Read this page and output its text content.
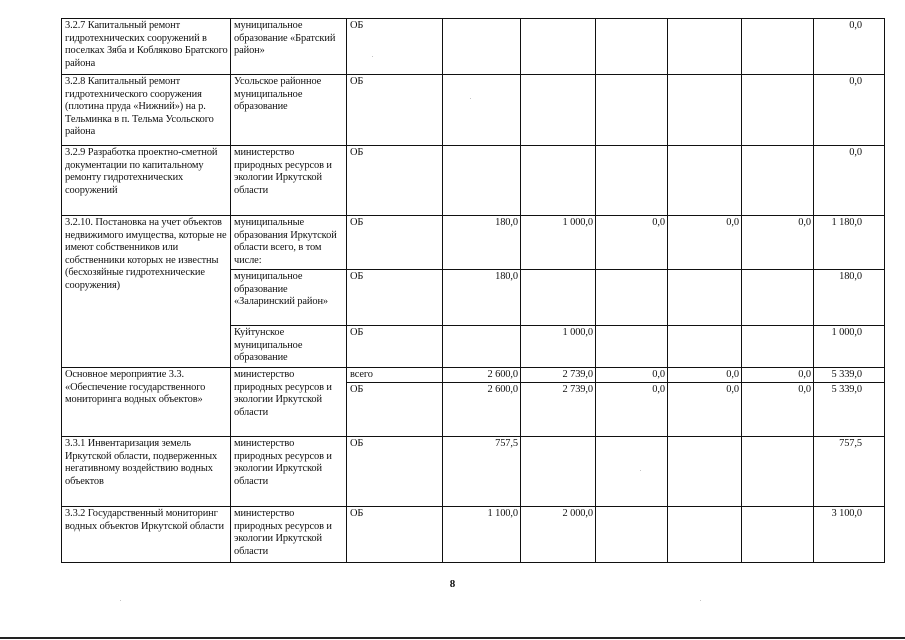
3.2.7 Капитальный ремонт гидротехнических сооружений в поселках Зяба и Кобляково Братского района	муниципальное образование «Братский район»	ОБ						0,0
3.2.8 Капитальный ремонт гидротехнического сооружения (плотина пруда «Нижний») на р. Тельминка в п. Тельма Усольского района	Усольское районное муниципальное образование	ОБ						0,0
3.2.9 Разработка проектно-сметной документации по капитальному ремонту гидротехнических сооружений	министерство природных ресурсов и экологии Иркутской области	ОБ						0,0
3.2.10. Постановка на учет объектов недвижимого имущества, которые не имеют собственников или собственники которых не известны (бесхозяйные гидротехнические сооружения)	муниципальные образования Иркутской области всего, в том числе:	ОБ	180,0	1 000,0	0,0	0,0	0,0	1 180,0
	муниципальное образование «Заларинский район»	ОБ	180,0					180,0
	Куйтунское муниципальное образование	ОБ		1 000,0				1 000,0
Основное мероприятие 3.3. «Обеспечение государственного мониторинга водных объектов»	министерство природных ресурсов и экологии Иркутской области	всего	2 600,0	2 739,0	0,0	0,0	0,0	5 339,0
		ОБ	2 600,0	2 739,0	0,0	0,0	0,0	5 339,0
3.3.1 Инвентаризация земель Иркутской области, подверженных негативному воздействию водных объектов	министерство природных ресурсов и экологии Иркутской области	ОБ	757,5					757,5
3.3.2 Государственный мониторинг водных объектов Иркутской области	министерство природных ресурсов и экологии Иркутской области	ОБ	1 100,0	2 000,0				3 100,0
8
